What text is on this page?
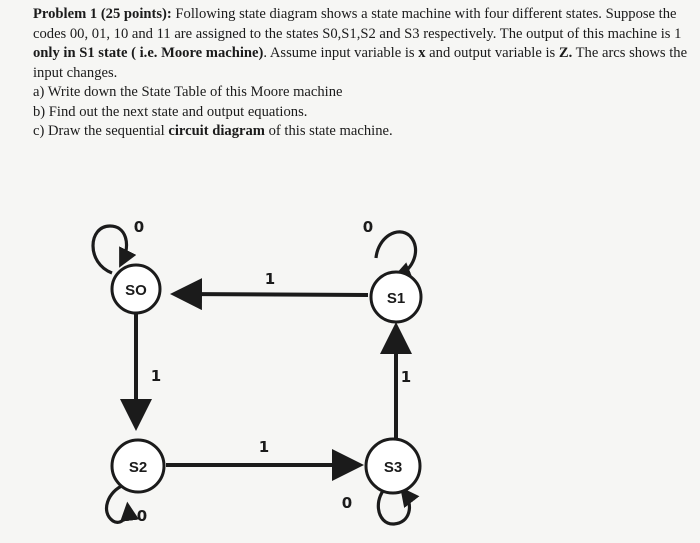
Problem 1 (25 points): Following state diagram shows a state machine with four different states. Suppose the codes 00, 01, 10 and 11 are assigned to the states S0,S1,S2 and S3 respectively. The output of this machine is 1 only in S1 state ( i.e. Moore machine). Assume input variable is x and output variable is Z. The arcs shows the input changes.

a) Write down the State Table of this Moore machine

b) Find out the next state and output equations.

c) Draw the sequential circuit diagram of this state machine.

SO	S1
S2	S3
1
1
1
1
0	0
0
0
